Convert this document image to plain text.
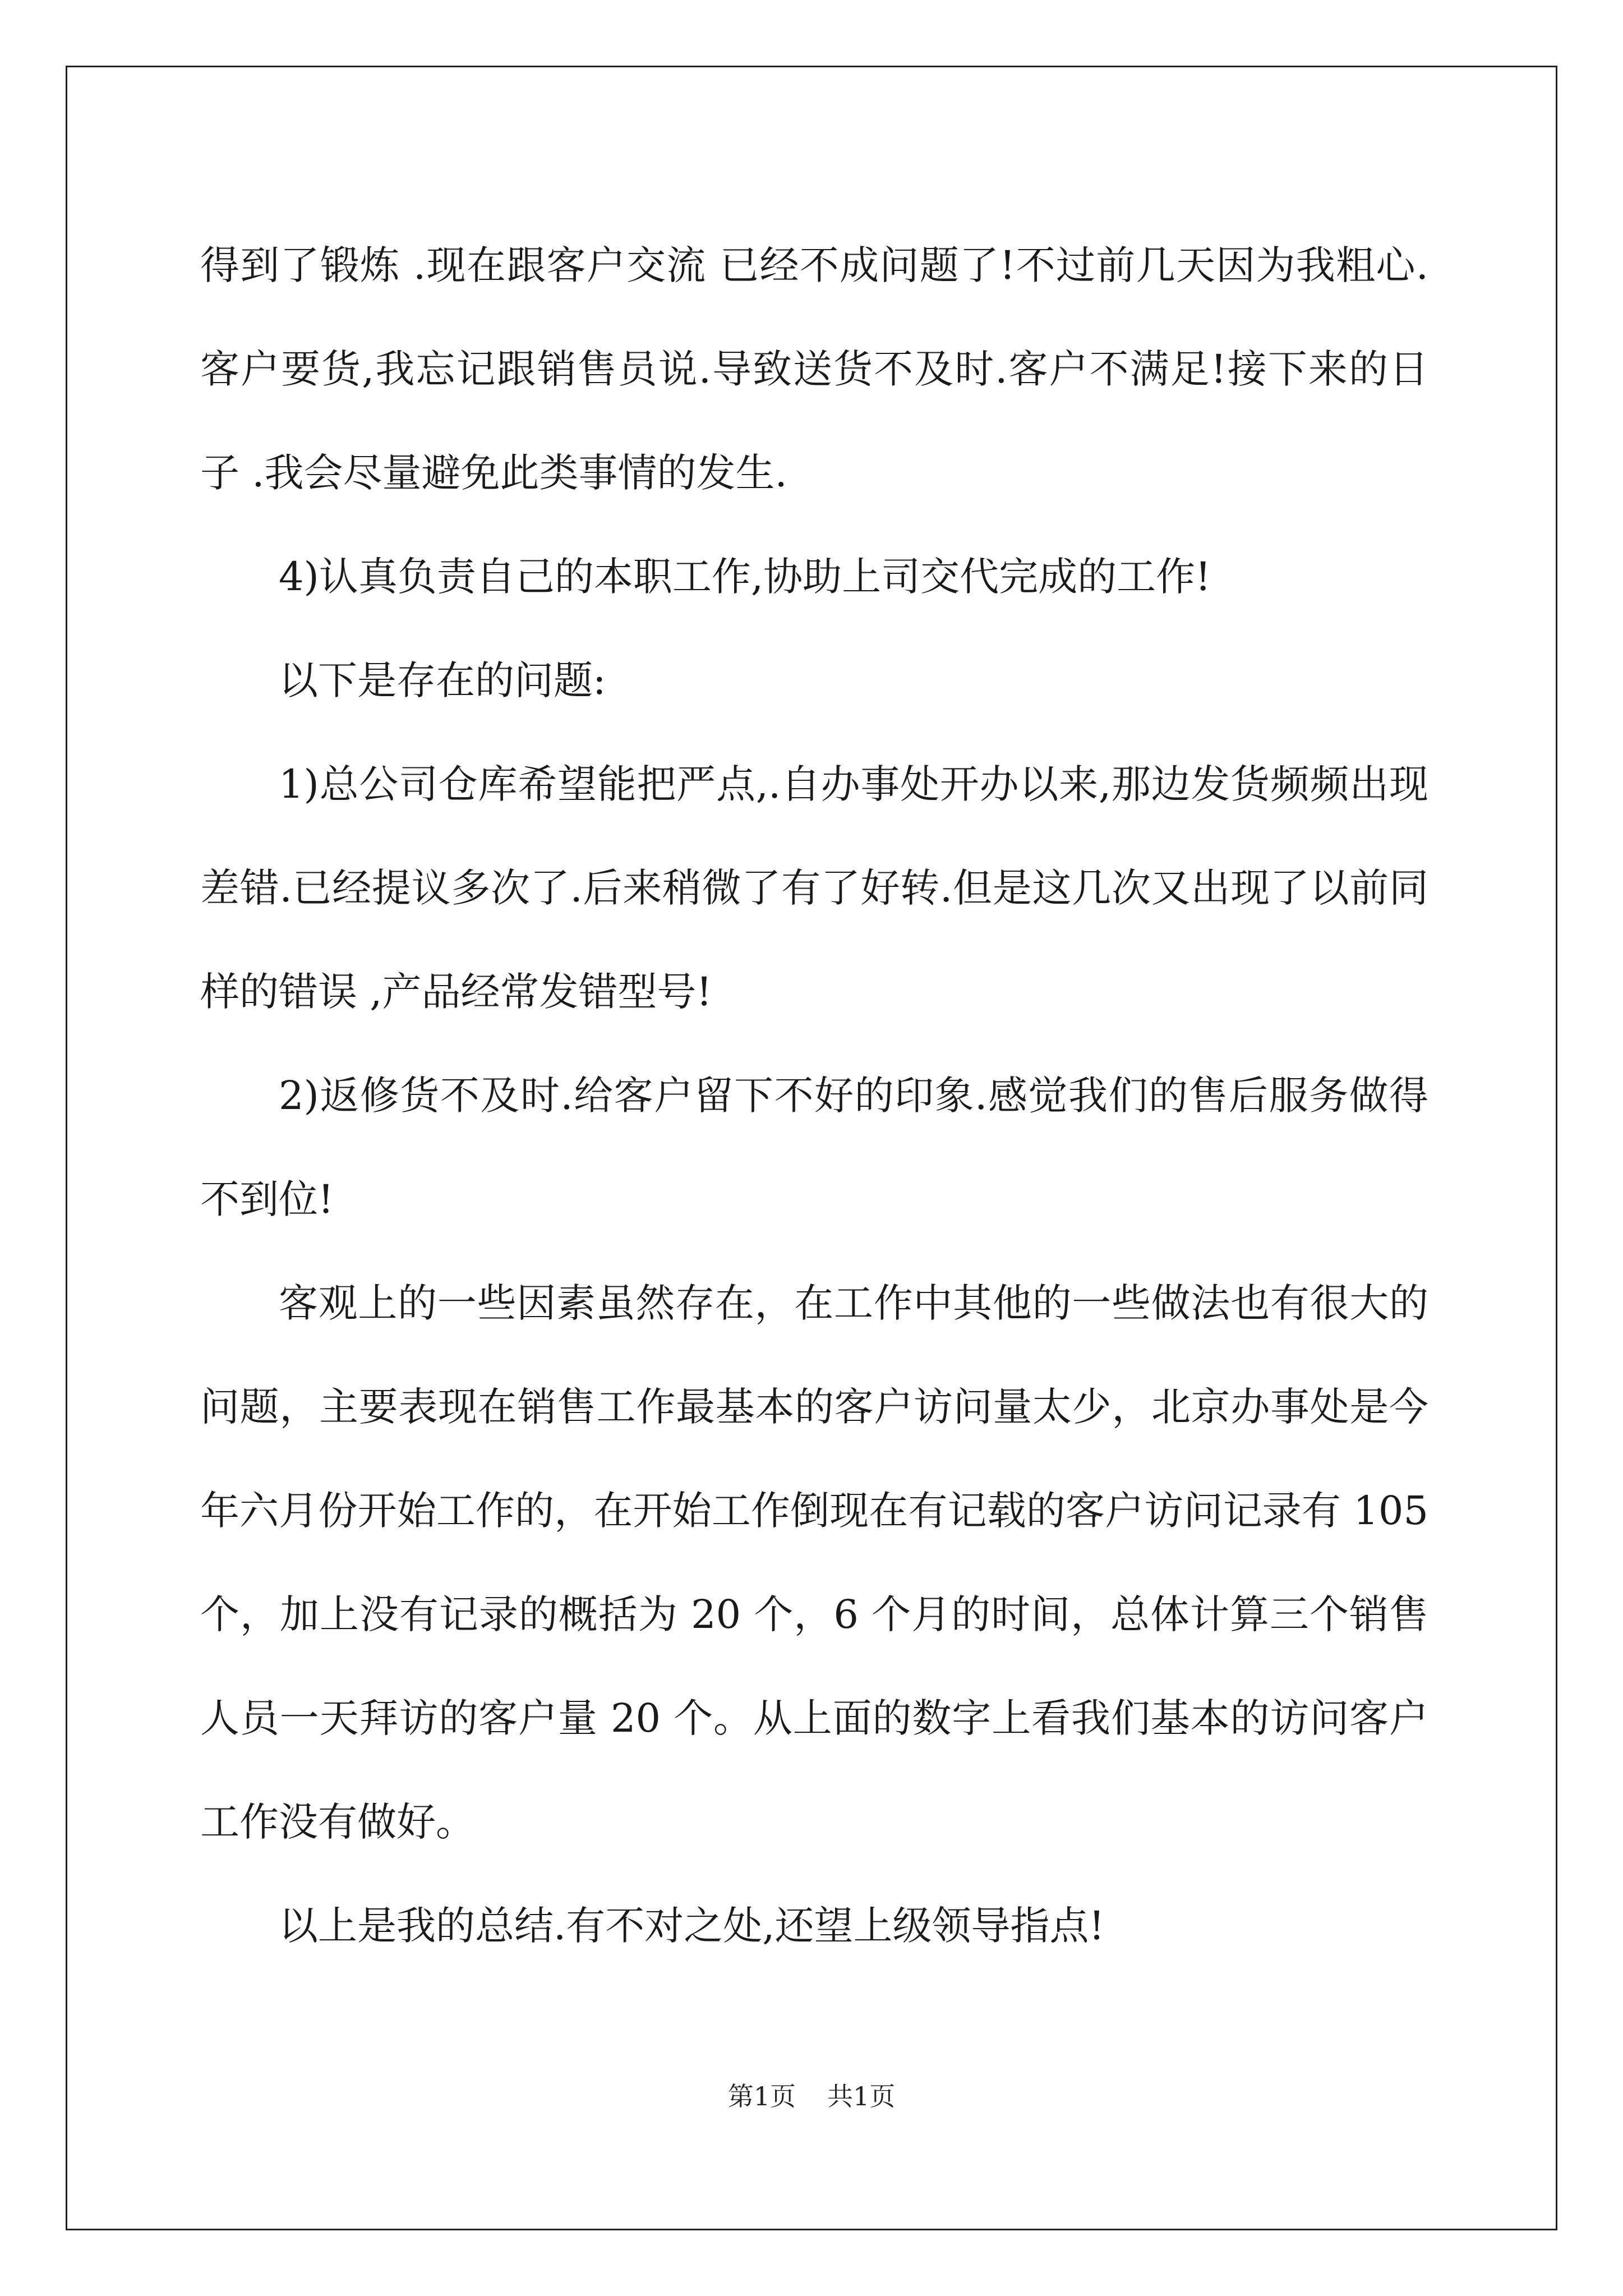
得到了锻炼 .现在跟客户交流 已经不成问题了!不过前几天因为我粗心.客户要货,我忘记跟销售员说.导致送货不及时.客户不满足!接下来的日子 .我会尽量避免此类事情的发生.

4)认真负责自己的本职工作,协助上司交代完成的工作!

以下是存在的问题:

1)总公司仓库希望能把严点,.自办事处开办以来,那边发货频频出现差错.已经提议多次了.后来稍微了有了好转.但是这几次又出现了以前同样的错误 ,产品经常发错型号!

2)返修货不及时.给客户留下不好的印象.感觉我们的售后服务做得不到位!

客观上的一些因素虽然存在，在工作中其他的一些做法也有很大的问题，主要表现在销售工作最基本的客户访问量太少，北京办事处是今年六月份开始工作的，在开始工作倒现在有记载的客户访问记录有 105 个，加上没有记录的概括为 20 个，6 个月的时间，总体计算三个销售人员一天拜访的客户量 20 个。从上面的数字上看我们基本的访问客户工作没有做好。

以上是我的总结.有不对之处,还望上级领导指点!

第1页 共1页
